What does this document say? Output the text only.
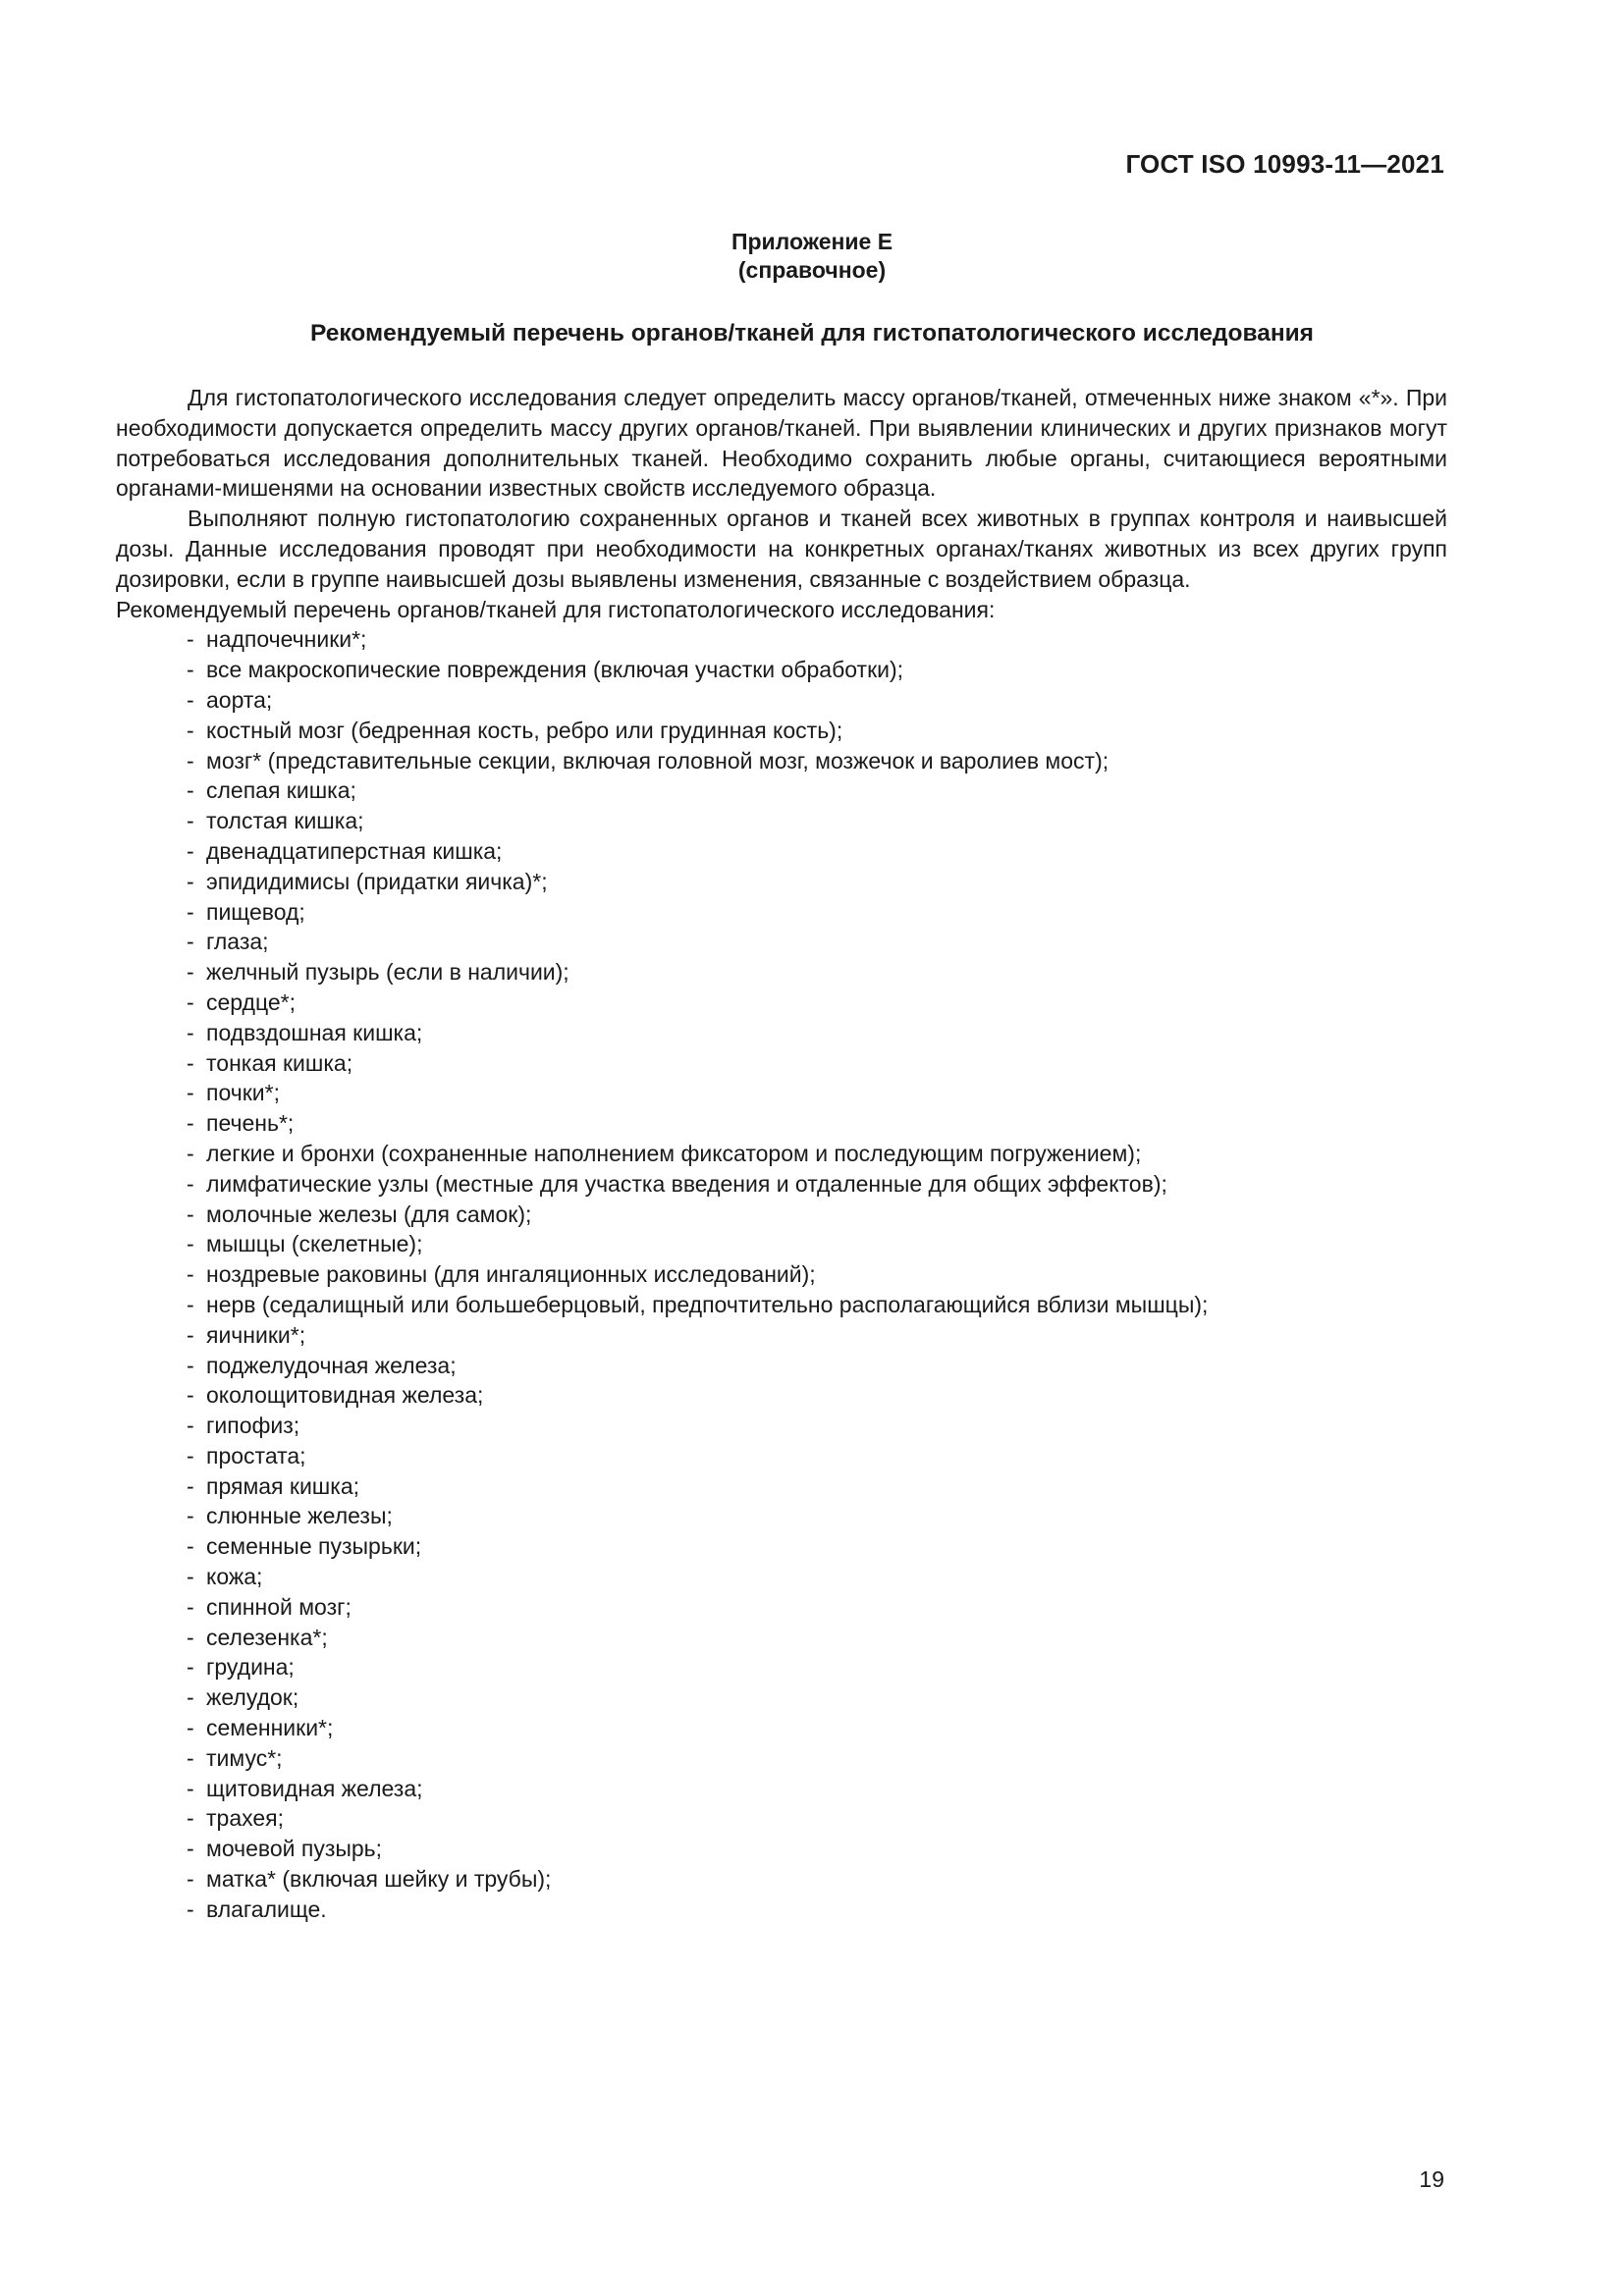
ГОСТ ISO 10993-11—2021
Приложение E
(справочное)
Рекомендуемый перечень органов/тканей для гистопатологического исследования

Для гистопатологического исследования следует определить массу органов/тканей, отмеченных ниже знаком «*». При необходимости допускается определить массу других органов/тканей. При выявлении клинических и других признаков могут потребоваться исследования дополнительных тканей. Необходимо сохранить любые органы, считающиеся вероятными органами-мишенями на основании известных свойств исследуемого образца.

Выполняют полную гистопатологию сохраненных органов и тканей всех животных в группах контроля и наивысшей дозы. Данные исследования проводят при необходимости на конкретных органах/тканях животных из всех других групп дозировки, если в группе наивысшей дозы выявлены изменения, связанные с воздействием образца.

Рекомендуемый перечень органов/тканей для гистопатологического исследования:

- надпочечники*;
- все макроскопические повреждения (включая участки обработки);
- аорта;
- костный мозг (бедренная кость, ребро или грудинная кость);
- мозг* (представительные секции, включая головной мозг, мозжечок и варолиев мост);
- слепая кишка;
- толстая кишка;
- двенадцатиперстная кишка;
- эпидидимисы (придатки яичка)*;
- пищевод;
- глаза;
- желчный пузырь (если в наличии);
- сердце*;
- подвздошная кишка;
- тонкая кишка;
- почки*;
- печень*;
- легкие и бронхи (сохраненные наполнением фиксатором и последующим погружением);
- лимфатические узлы (местные для участка введения и отдаленные для общих эффектов);
- молочные железы (для самок);
- мышцы (скелетные);
- ноздревые раковины (для ингаляционных исследований);
- нерв (седалищный или большеберцовый, предпочтительно располагающийся вблизи мышцы);
- яичники*;
- поджелудочная железа;
- околощитовидная железа;
- гипофиз;
- простата;
- прямая кишка;
- слюнные железы;
- семенные пузырьки;
- кожа;
- спинной мозг;
- селезенка*;
- грудина;
- желудок;
- семенники*;
- тимус*;
- щитовидная железа;
- трахея;
- мочевой пузырь;
- матка* (включая шейку и трубы);
- влагалище.
19
